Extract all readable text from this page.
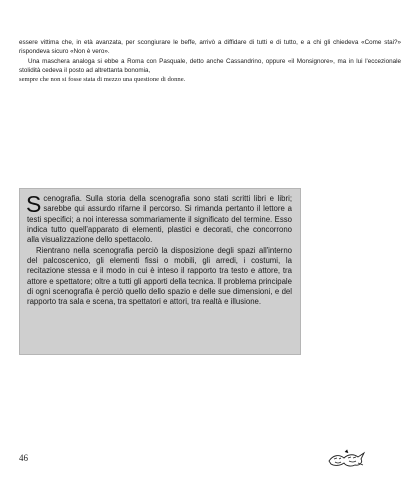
essere vittima che, in età avanzata, per scongiurare le beffe, arrivò a diffidare di tutti e di tutto, e a chi gli chiedeva «Come stai?» rispondeva sicuro «Non è vero».

Una maschera analoga si ebbe a Roma con Pasquale, detto anche Cassandrino, oppure «il Monsignore», ma in lui l'eccezionale stolidità cedeva il posto ad altrettanta bonomia,

sempre che non si fosse stata di mezzo una questione di donne.

Scenografia. Sulla storia della scenografia sono stati scritti libri e libri; sarebbe qui assurdo rifarne il percorso. Si rimanda pertanto il lettore a testi specifici; a noi interessa sommariamente il significato del termine. Esso indica tutto quell'apparato di elementi, plastici e decorati, che concorrono alla visualizzazione dello spettacolo.

Rientrano nella scenografia perciò la disposizione degli spazi all'interno del palcoscenico, gli elementi fissi o mobili, gli arredi, i costumi, la recitazione stessa e il modo in cui è inteso il rapporto tra testo e attore, tra attore e spettatore; oltre a tutti gli apporti della tecnica. Il problema principale di ogni scenografia è perciò quello dello spazio e delle sue dimensioni, e del rapporto tra sala e scena, tra spettatori e attori, tra realtà e illusione.

46
